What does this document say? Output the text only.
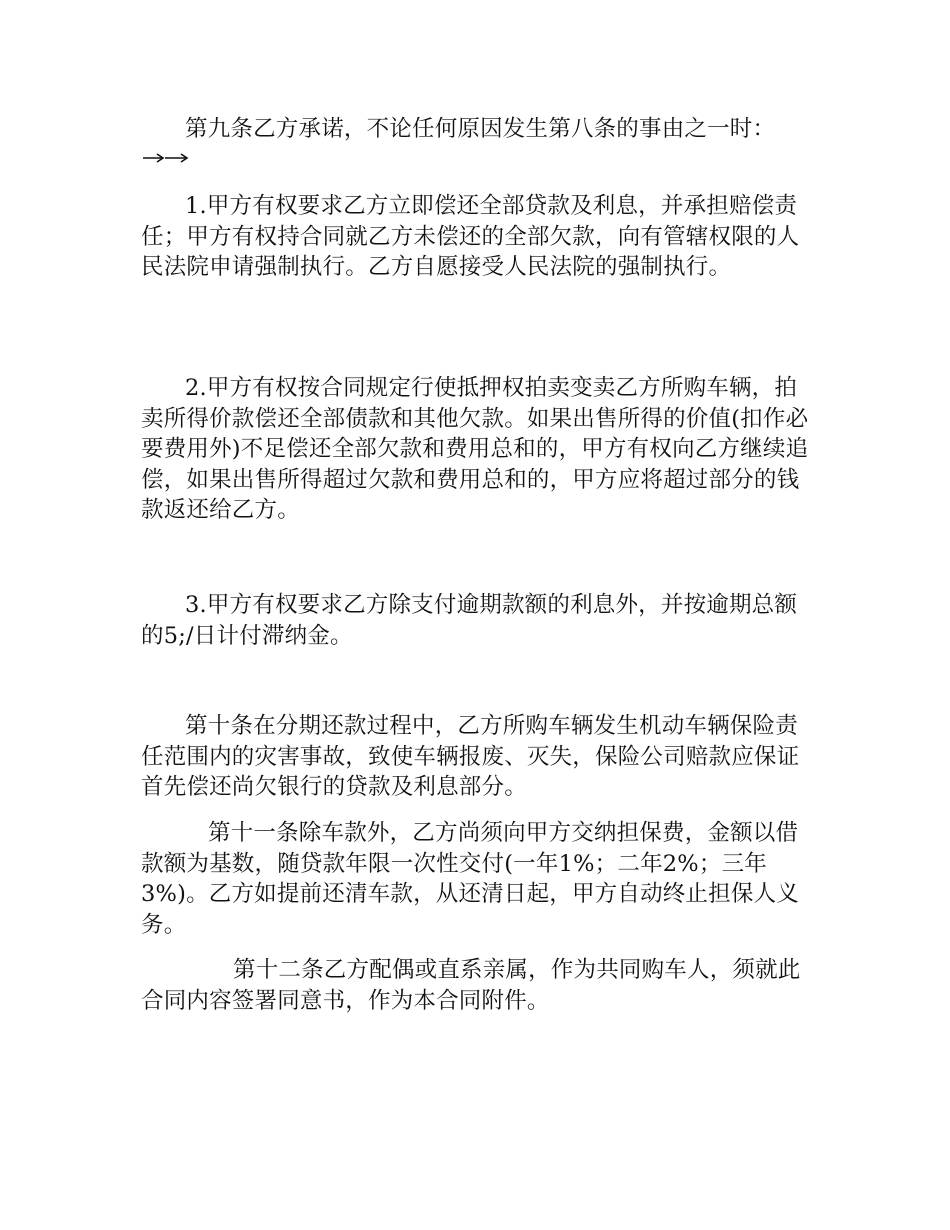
第九条乙方承诺，不论任何原因发生第八条的事由之一时：

1.甲方有权要求乙方立即偿还全部贷款及利息，并承担赔偿责任；甲方有权持合同就乙方未偿还的全部欠款，向有管辖权限的人民法院申请强制执行。乙方自愿接受人民法院的强制执行。

2.甲方有权按合同规定行使抵押权拍卖变卖乙方所购车辆，拍卖所得价款偿还全部债款和其他欠款。如果出售所得的价值(扣作必要费用外)不足偿还全部欠款和费用总和的，甲方有权向乙方继续追偿，如果出售所得超过欠款和费用总和的，甲方应将超过部分的钱款返还给乙方。

3.甲方有权要求乙方除支付逾期款额的利息外，并按逾期总额的5;/日计付滞纳金。

第十条在分期还款过程中，乙方所购车辆发生机动车辆保险责任范围内的灾害事故，致使车辆报废、灭失，保险公司赔款应保证首先偿还尚欠银行的贷款及利息部分。

第十一条除车款外，乙方尚须向甲方交纳担保费，金额以借款额为基数，随贷款年限一次性交付(一年1%；二年2%；三年3%)。乙方如提前还清车款，从还清日起，甲方自动终止担保人义务。

第十二条乙方配偶或直系亲属，作为共同购车人，须就此合同内容签署同意书，作为本合同附件。
